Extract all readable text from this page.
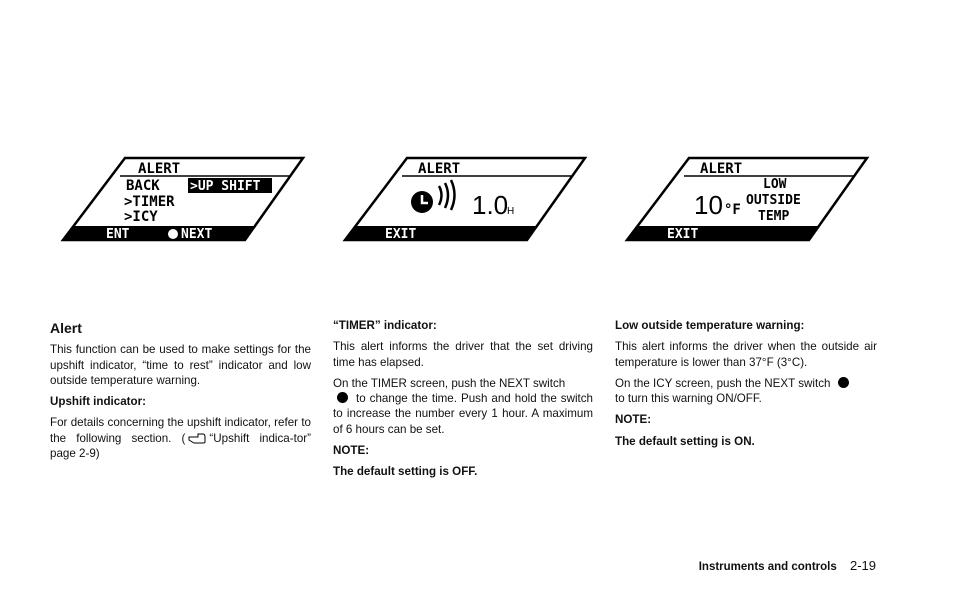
ALERT
BACK >UP SHIFT
>TIMER
>ICY
ENT	NEXT
ALERT
1.0
H
EXIT
ALERT
10 °F
LOW
OUTSIDE
TEMP
EXIT
Alert

This function can be used to make settings for the upshift indicator, “time to rest” indicator and low outside temperature warning.

Upshift indicator:

For details concerning the upshift indicator, refer to the following section. ( “Upshift indica-tor” page 2-9)

“TIMER” indicator:

This alert informs the driver that the set driving time has elapsed.

On the TIMER screen, push the NEXT switch
to change the time. Push and hold the switch to increase the number every 1 hour. A maximum of 6 hours can be set.

NOTE:
The default setting is OFF.
Low outside temperature warning:

This alert informs the driver when the outside air temperature is lower than 37°F (3°C).

On the ICY screen, push the NEXT switch
to turn this warning ON/OFF.

NOTE:
The default setting is ON.
Instruments and controls 2-19
